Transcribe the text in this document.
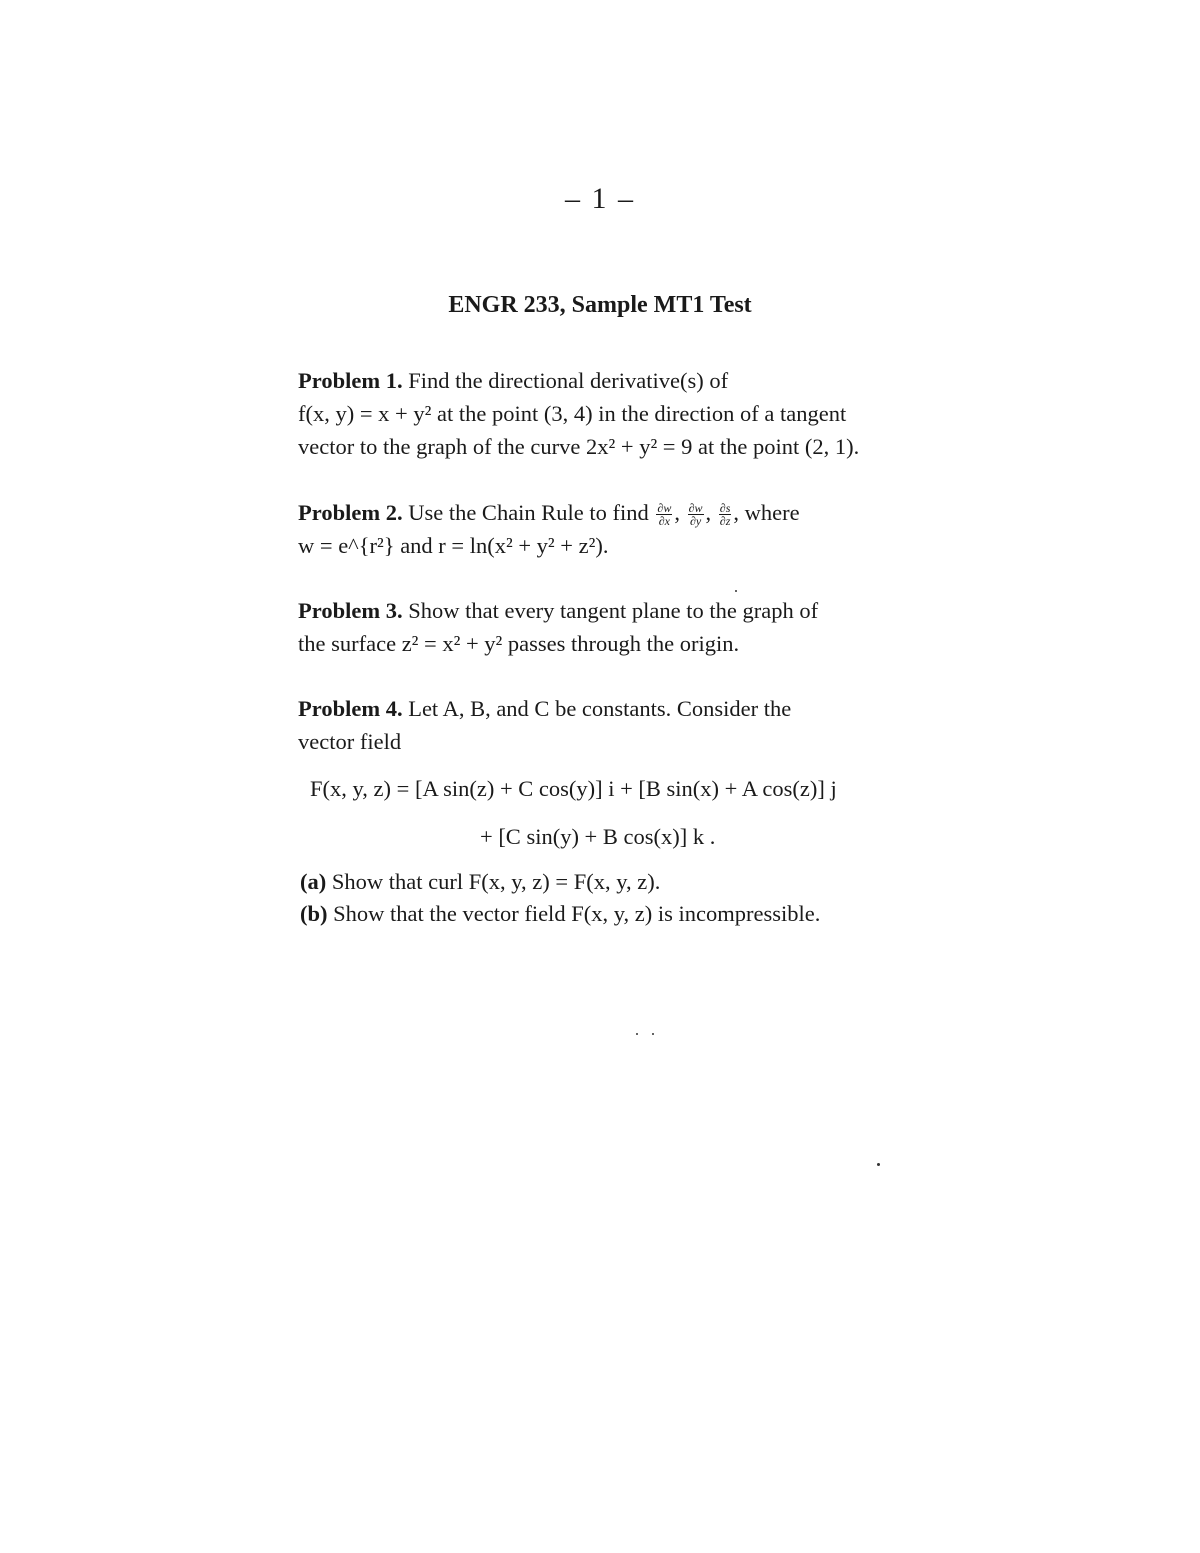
– 1 –
ENGR 233, Sample MT1 Test
Problem 1. Find the directional derivative(s) of
f(x, y) = x + y² at the point (3, 4) in the direction of a tangent
vector to the graph of the curve 2x² + y² = 9 at the point (2, 1).
Problem 2. Use the Chain Rule to find $\frac{\partial w}{\partial x}$ , $\frac{\partial w}{\partial y}$ , $\frac{\partial s}{\partial z}$ , where
w = e^{r²} and r = ln(x² + y² + z²).
Problem 3. Show that every tangent plane to the graph of
the surface z² = x² + y² passes through the origin.
Problem 4. Let A, B, and C be constants. Consider the
vector field
F(x, y, z) = [A sin(z) + C cos(y)] i + [B sin(x) + A cos(z)] j
+ [C sin(y) + B cos(x)] k .
(a) Show that curl F(x, y, z) = F(x, y, z).
(b) Show that the vector field F(x, y, z) is incompressible.
